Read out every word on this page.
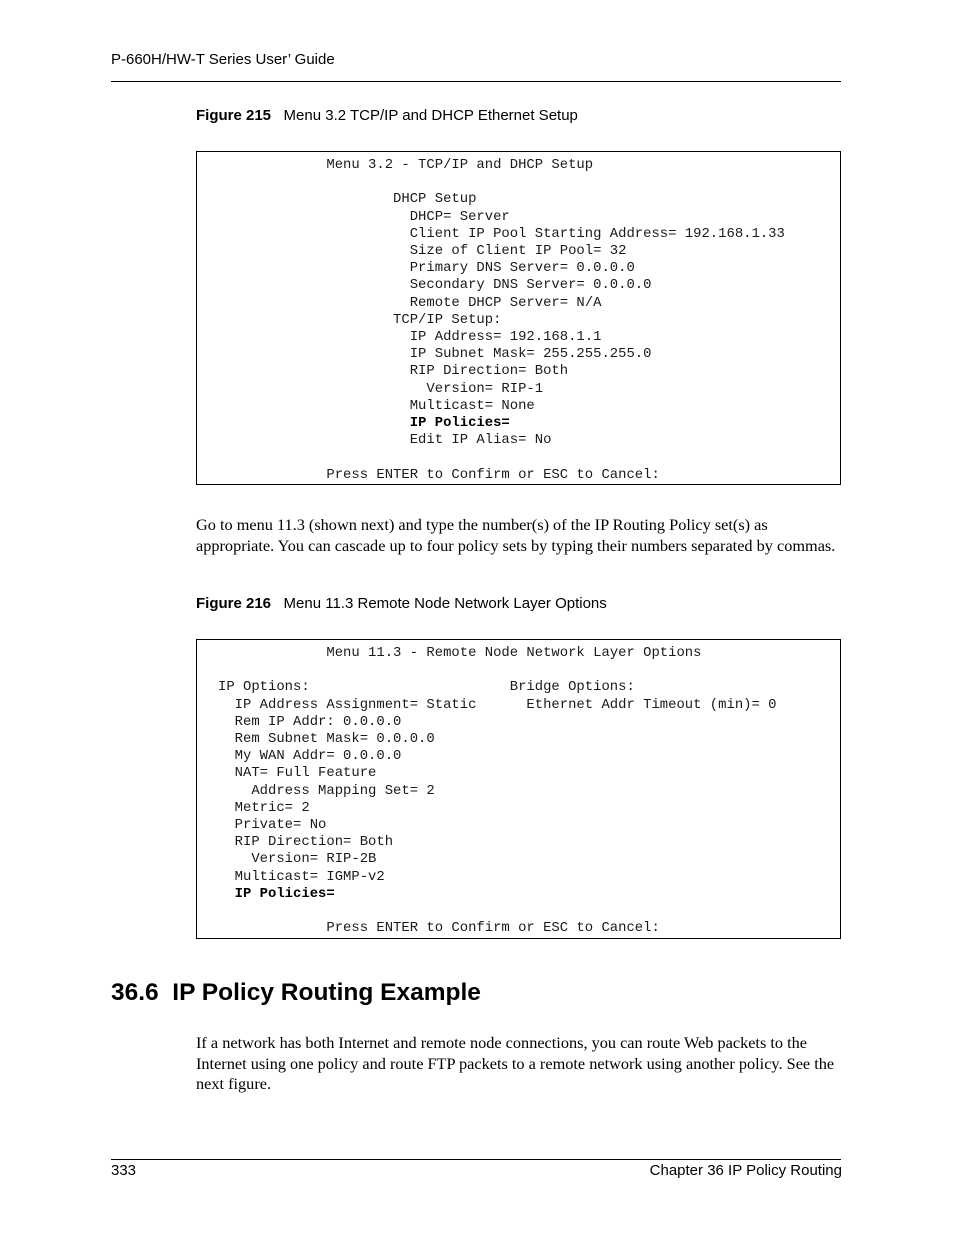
P-660H/HW-T Series User’ Guide
Figure 215 Menu 3.2 TCP/IP and DHCP Ethernet Setup
Menu 3.2 - TCP/IP and DHCP Setup

DHCP Setup
DHCP= Server
Client IP Pool Starting Address= 192.168.1.33
Size of Client IP Pool= 32
Primary DNS Server= 0.0.0.0
Secondary DNS Server= 0.0.0.0
Remote DHCP Server= N/A
TCP/IP Setup:
IP Address= 192.168.1.1
IP Subnet Mask= 255.255.255.0
RIP Direction= Both
Version= RIP-1
Multicast= None
IP Policies=
Edit IP Alias= No

Press ENTER to Confirm or ESC to Cancel:
Go to menu 11.3 (shown next) and type the number(s) of the IP Routing Policy set(s) as appropriate. You can cascade up to four policy sets by typing their numbers separated by commas.
Figure 216 Menu 11.3 Remote Node Network Layer Options
Menu 11.3 - Remote Node Network Layer Options

IP Options:                        Bridge Options:
IP Address Assignment= Static      Ethernet Addr Timeout (min)= 0
Rem IP Addr: 0.0.0.0
Rem Subnet Mask= 0.0.0.0
My WAN Addr= 0.0.0.0
NAT= Full Feature
Address Mapping Set= 2
Metric= 2
Private= No
RIP Direction= Both
Version= RIP-2B
Multicast= IGMP-v2
IP Policies=

Press ENTER to Confirm or ESC to Cancel:
36.6  IP Policy Routing Example
If a network has both Internet and remote node connections, you can route Web packets to the Internet using one policy and route FTP packets to a remote network using another policy. See the next figure.
333	Chapter 36 IP Policy Routing
